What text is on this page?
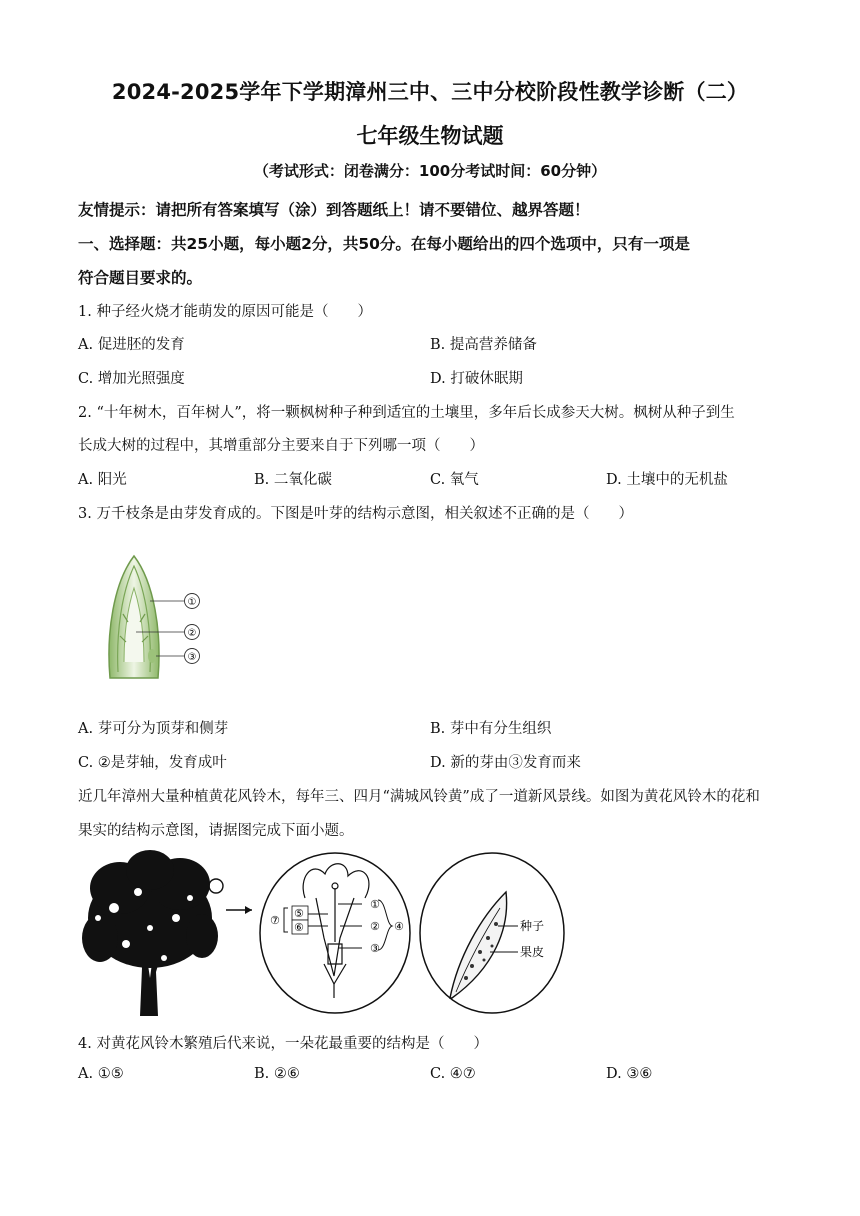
2024-2025学年下学期漳州三中、三中分校阶段性教学诊断（二）
七年级生物试题
（考试形式：闭卷满分：100分考试时间：60分钟）
友情提示：请把所有答案填写（涂）到答题纸上！请不要错位、越界答题！
一、选择题：共25小题，每小题2分，共50分。在每小题给出的四个选项中，只有一项是
符合题目要求的。
1. 种子经火烧才能萌发的原因可能是（　　）
A. 促进胚的发育	B. 提高营养储备
C. 增加光照强度	D. 打破休眠期
2. “十年树木，百年树人”，将一颗枫树种子种到适宜的土壤里，多年后长成参天大树。枫树从种子到生
长成大树的过程中，其增重部分主要来自于下列哪一项（　　）
A. 阳光	B. 二氧化碳	C. 氧气	D. 土壤中的无机盐
3. 万千枝条是由芽发育成的。下图是叶芽的结构示意图，相关叙述不正确的是（　　）
①
②
③
A. 芽可分为顶芽和侧芽	B. 芽中有分生组织
C. ②是芽轴，发育成叶	D. 新的芽由③发育而来
近几年漳州大量种植黄花风铃木，每年三、四月“满城风铃黄”成了一道新风景线。如图为黄花风铃木的花和
果实的结构示意图，请据图完成下面小题。
①
②
③
④
⑤
⑥
⑦	种子
果皮
4. 对黄花风铃木繁殖后代来说，一朵花最重要的结构是（　　）
A. ①⑤	B. ②⑥	C. ④⑦	D. ③⑥
